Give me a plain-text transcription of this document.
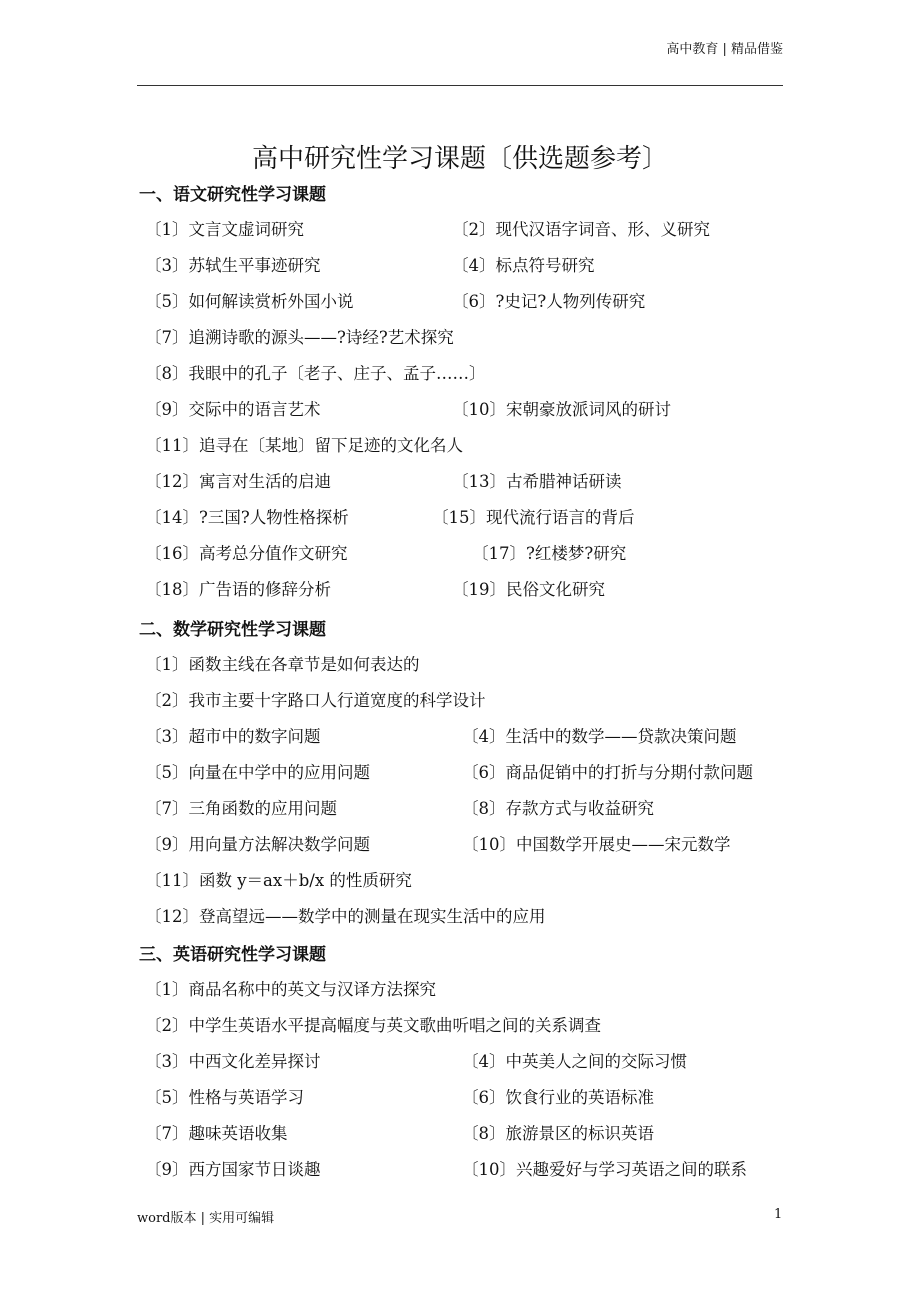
高中教育 | 精品借鉴
高中研究性学习课题〔供选题参考〕
一、语文研究性学习课题
〔1〕文言文虚词研究	〔2〕现代汉语字词音、形、义研究
〔3〕苏轼生平事迹研究	〔4〕标点符号研究
〔5〕如何解读赏析外国小说	〔6〕?史记?人物列传研究
〔7〕追溯诗歌的源头——?诗经?艺术探究
〔8〕我眼中的孔子〔老子、庄子、孟子……〕
〔9〕交际中的语言艺术	〔10〕宋朝豪放派词风的研讨
〔11〕追寻在〔某地〕留下足迹的文化名人
〔12〕寓言对生活的启迪	〔13〕古希腊神话研读
〔14〕?三国?人物性格探析	〔15〕现代流行语言的背后
〔16〕高考总分值作文研究	〔17〕?红楼梦?研究
〔18〕广告语的修辞分析	〔19〕民俗文化研究
二、数学研究性学习课题
〔1〕函数主线在各章节是如何表达的
〔2〕我市主要十字路口人行道宽度的科学设计
〔3〕超市中的数字问题	〔4〕生活中的数学——贷款决策问题
〔5〕向量在中学中的应用问题	〔6〕商品促销中的打折与分期付款问题
〔7〕三角函数的应用问题	〔8〕存款方式与收益研究
〔9〕用向量方法解决数学问题	〔10〕中国数学开展史——宋元数学
〔11〕函数 y＝ax＋b/x 的性质研究
〔12〕登高望远——数学中的测量在现实生活中的应用
三、英语研究性学习课题
〔1〕商品名称中的英文与汉译方法探究
〔2〕中学生英语水平提高幅度与英文歌曲听唱之间的关系调查
〔3〕中西文化差异探讨	〔4〕中英美人之间的交际习惯
〔5〕性格与英语学习	〔6〕饮食行业的英语标准
〔7〕趣味英语收集	〔8〕旅游景区的标识英语
〔9〕西方国家节日谈趣	〔10〕兴趣爱好与学习英语之间的联系
word版本 | 实用可编辑	1
